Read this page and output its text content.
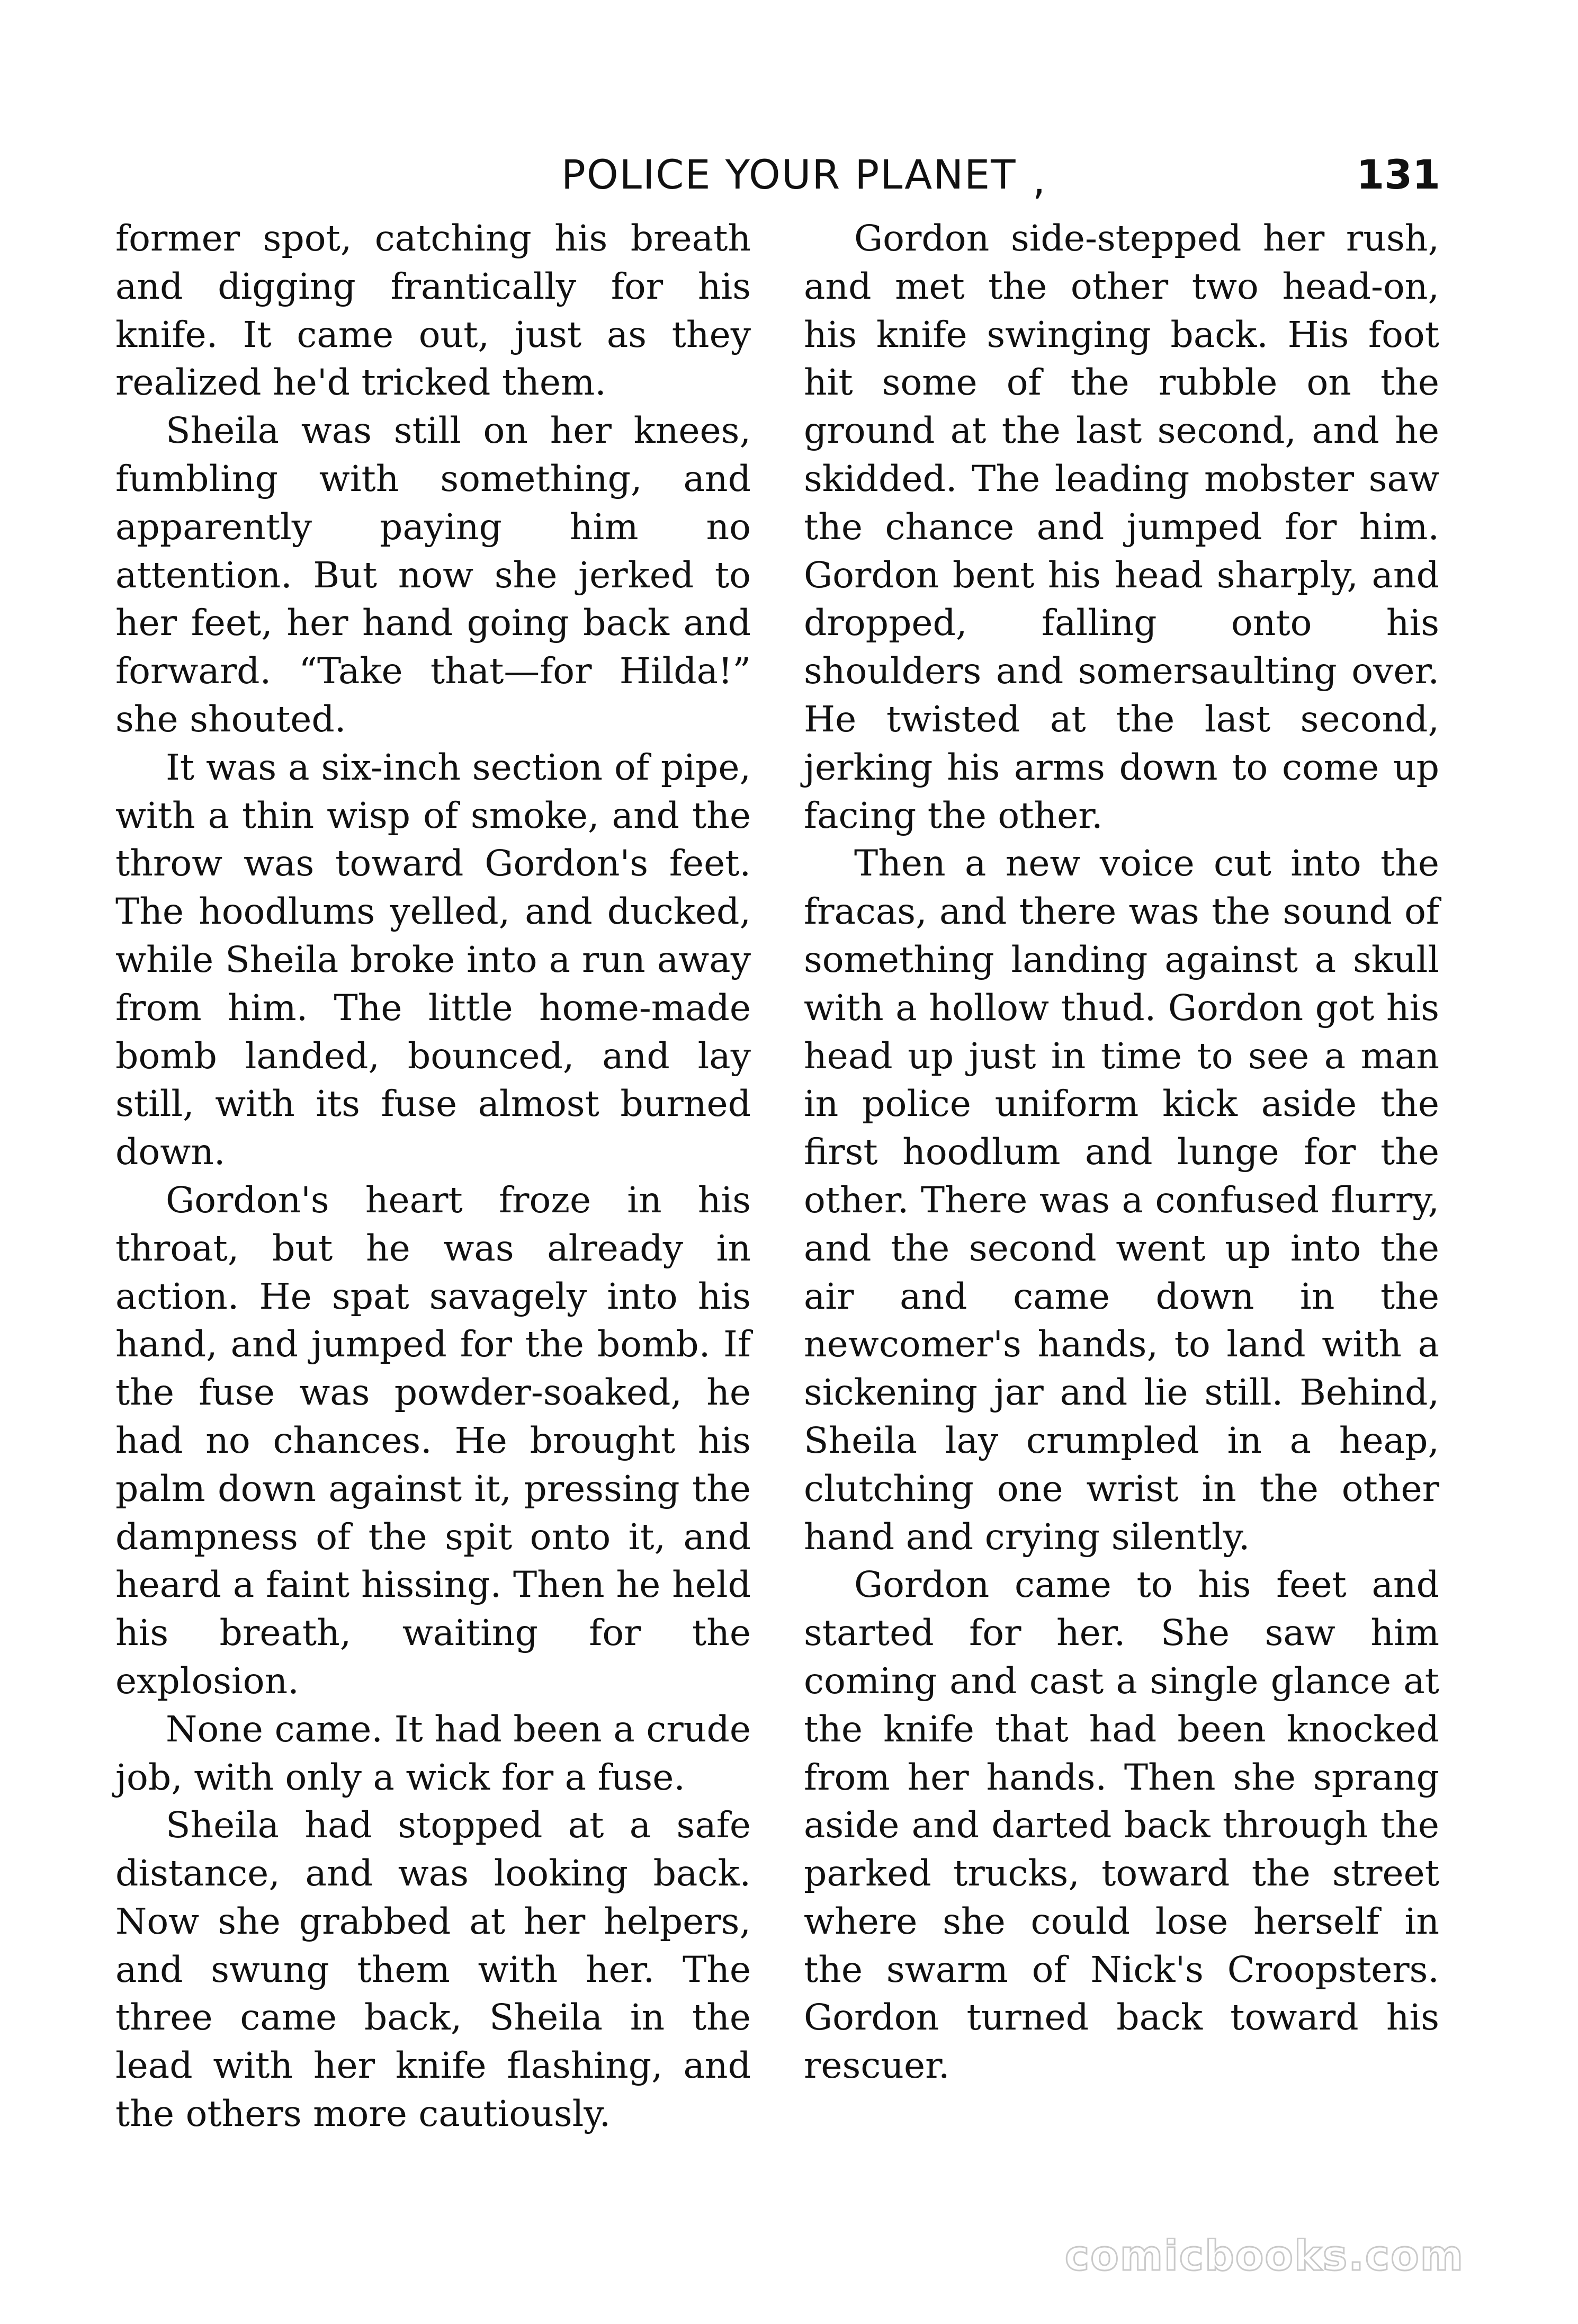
POLICE YOUR PLANET ,	131

former spot, catching his breath and digging frantically for his knife. It came out, just as they realized he'd tricked them.

Sheila was still on her knees, fumbling with something, and apparently paying him no attention. But now she jerked to her feet, her hand going back and forward. “Take that—for Hilda!” she shouted.

It was a six-inch section of pipe, with a thin wisp of smoke, and the throw was toward Gordon's feet. The hoodlums yelled, and ducked, while Sheila broke into a run away from him. The little home-made bomb landed, bounced, and lay still, with its fuse almost burned down.

Gordon's heart froze in his throat, but he was already in action. He spat savagely into his hand, and jumped for the bomb. If the fuse was powder-soaked, he had no chances. He brought his palm down against it, pressing the dampness of the spit onto it, and heard a faint hissing. Then he held his breath, waiting for the explosion.

None came. It had been a crude job, with only a wick for a fuse.

Sheila had stopped at a safe distance, and was looking back. Now she grabbed at her helpers, and swung them with her. The three came back, Sheila in the lead with her knife flashing, and the others more cautiously.

Gordon side-stepped her rush, and met the other two head-on, his knife swinging back. His foot hit some of the rubble on the ground at the last second, and he skidded. The leading mobster saw the chance and jumped for him. Gordon bent his head sharply, and dropped, falling onto his shoulders and somersaulting over. He twisted at the last second, jerking his arms down to come up facing the other.

Then a new voice cut into the fracas, and there was the sound of something landing against a skull with a hollow thud. Gordon got his head up just in time to see a man in police uniform kick aside the first hoodlum and lunge for the other. There was a confused flurry, and the second went up into the air and came down in the newcomer's hands, to land with a sickening jar and lie still. Behind, Sheila lay crumpled in a heap, clutching one wrist in the other hand and crying silently.

Gordon came to his feet and started for her. She saw him coming and cast a single glance at the knife that had been knocked from her hands. Then she sprang aside and darted back through the parked trucks, toward the street where she could lose herself in the swarm of Nick's Croopsters. Gordon turned back toward his rescuer.

comicbooks.com
